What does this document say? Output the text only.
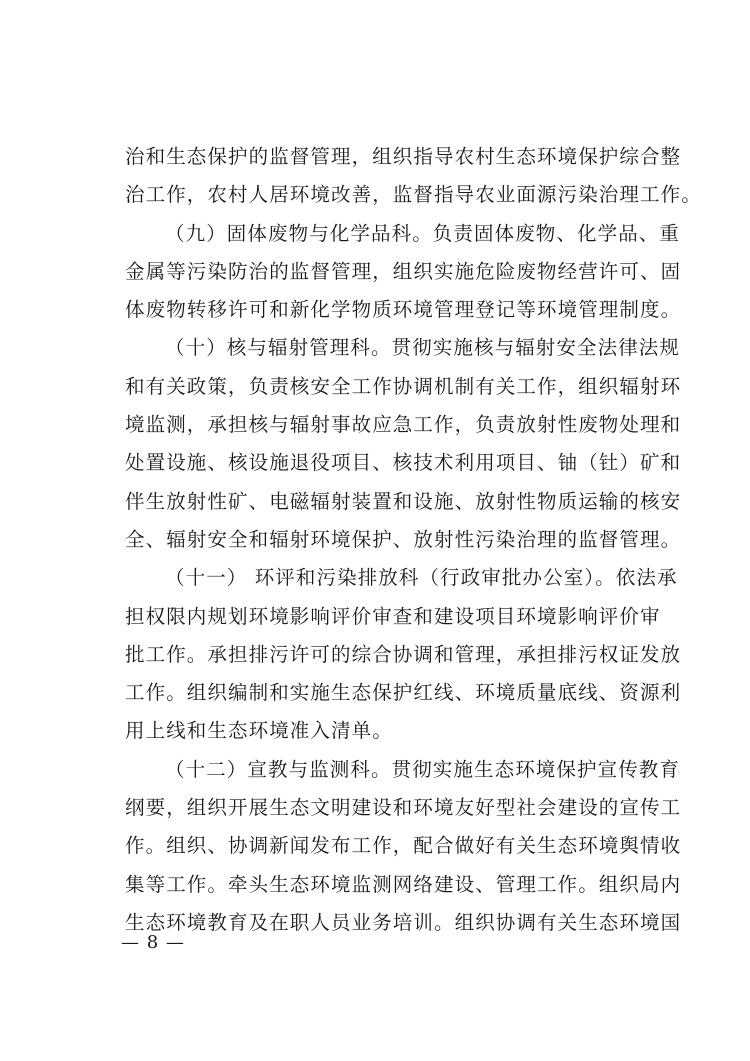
治和生态保护的监督管理，组织指导农村生态环境保护综合整
治工作，农村人居环境改善，监督指导农业面源污染治理工作。
（九）固体废物与化学品科。负责固体废物、化学品、重
金属等污染防治的监督管理，组织实施危险废物经营许可、固
体废物转移许可和新化学物质环境管理登记等环境管理制度。
（十）核与辐射管理科。贯彻实施核与辐射安全法律法规
和有关政策，负责核安全工作协调机制有关工作，组织辐射环
境监测，承担核与辐射事故应急工作，负责放射性废物处理和
处置设施、核设施退役项目、核技术利用项目、铀（钍）矿和
伴生放射性矿、电磁辐射装置和设施、放射性物质运输的核安
全、辐射安全和辐射环境保护、放射性污染治理的监督管理。
（十一） 环评和污染排放科（行政审批办公室）。依法承
担权限内规划环境影响评价审查和建设项目环境影响评价审
批工作。承担排污许可的综合协调和管理，承担排污权证发放
工作。组织编制和实施生态保护红线、环境质量底线、资源利
用上线和生态环境准入清单。
（十二）宣教与监测科。贯彻实施生态环境保护宣传教育
纲要，组织开展生态文明建设和环境友好型社会建设的宣传工
作。组织、协调新闻发布工作，配合做好有关生态环境舆情收
集等工作。牵头生态环境监测网络建设、管理工作。组织局内
生态环境教育及在职人员业务培训。组织协调有关生态环境国
— 8 —
